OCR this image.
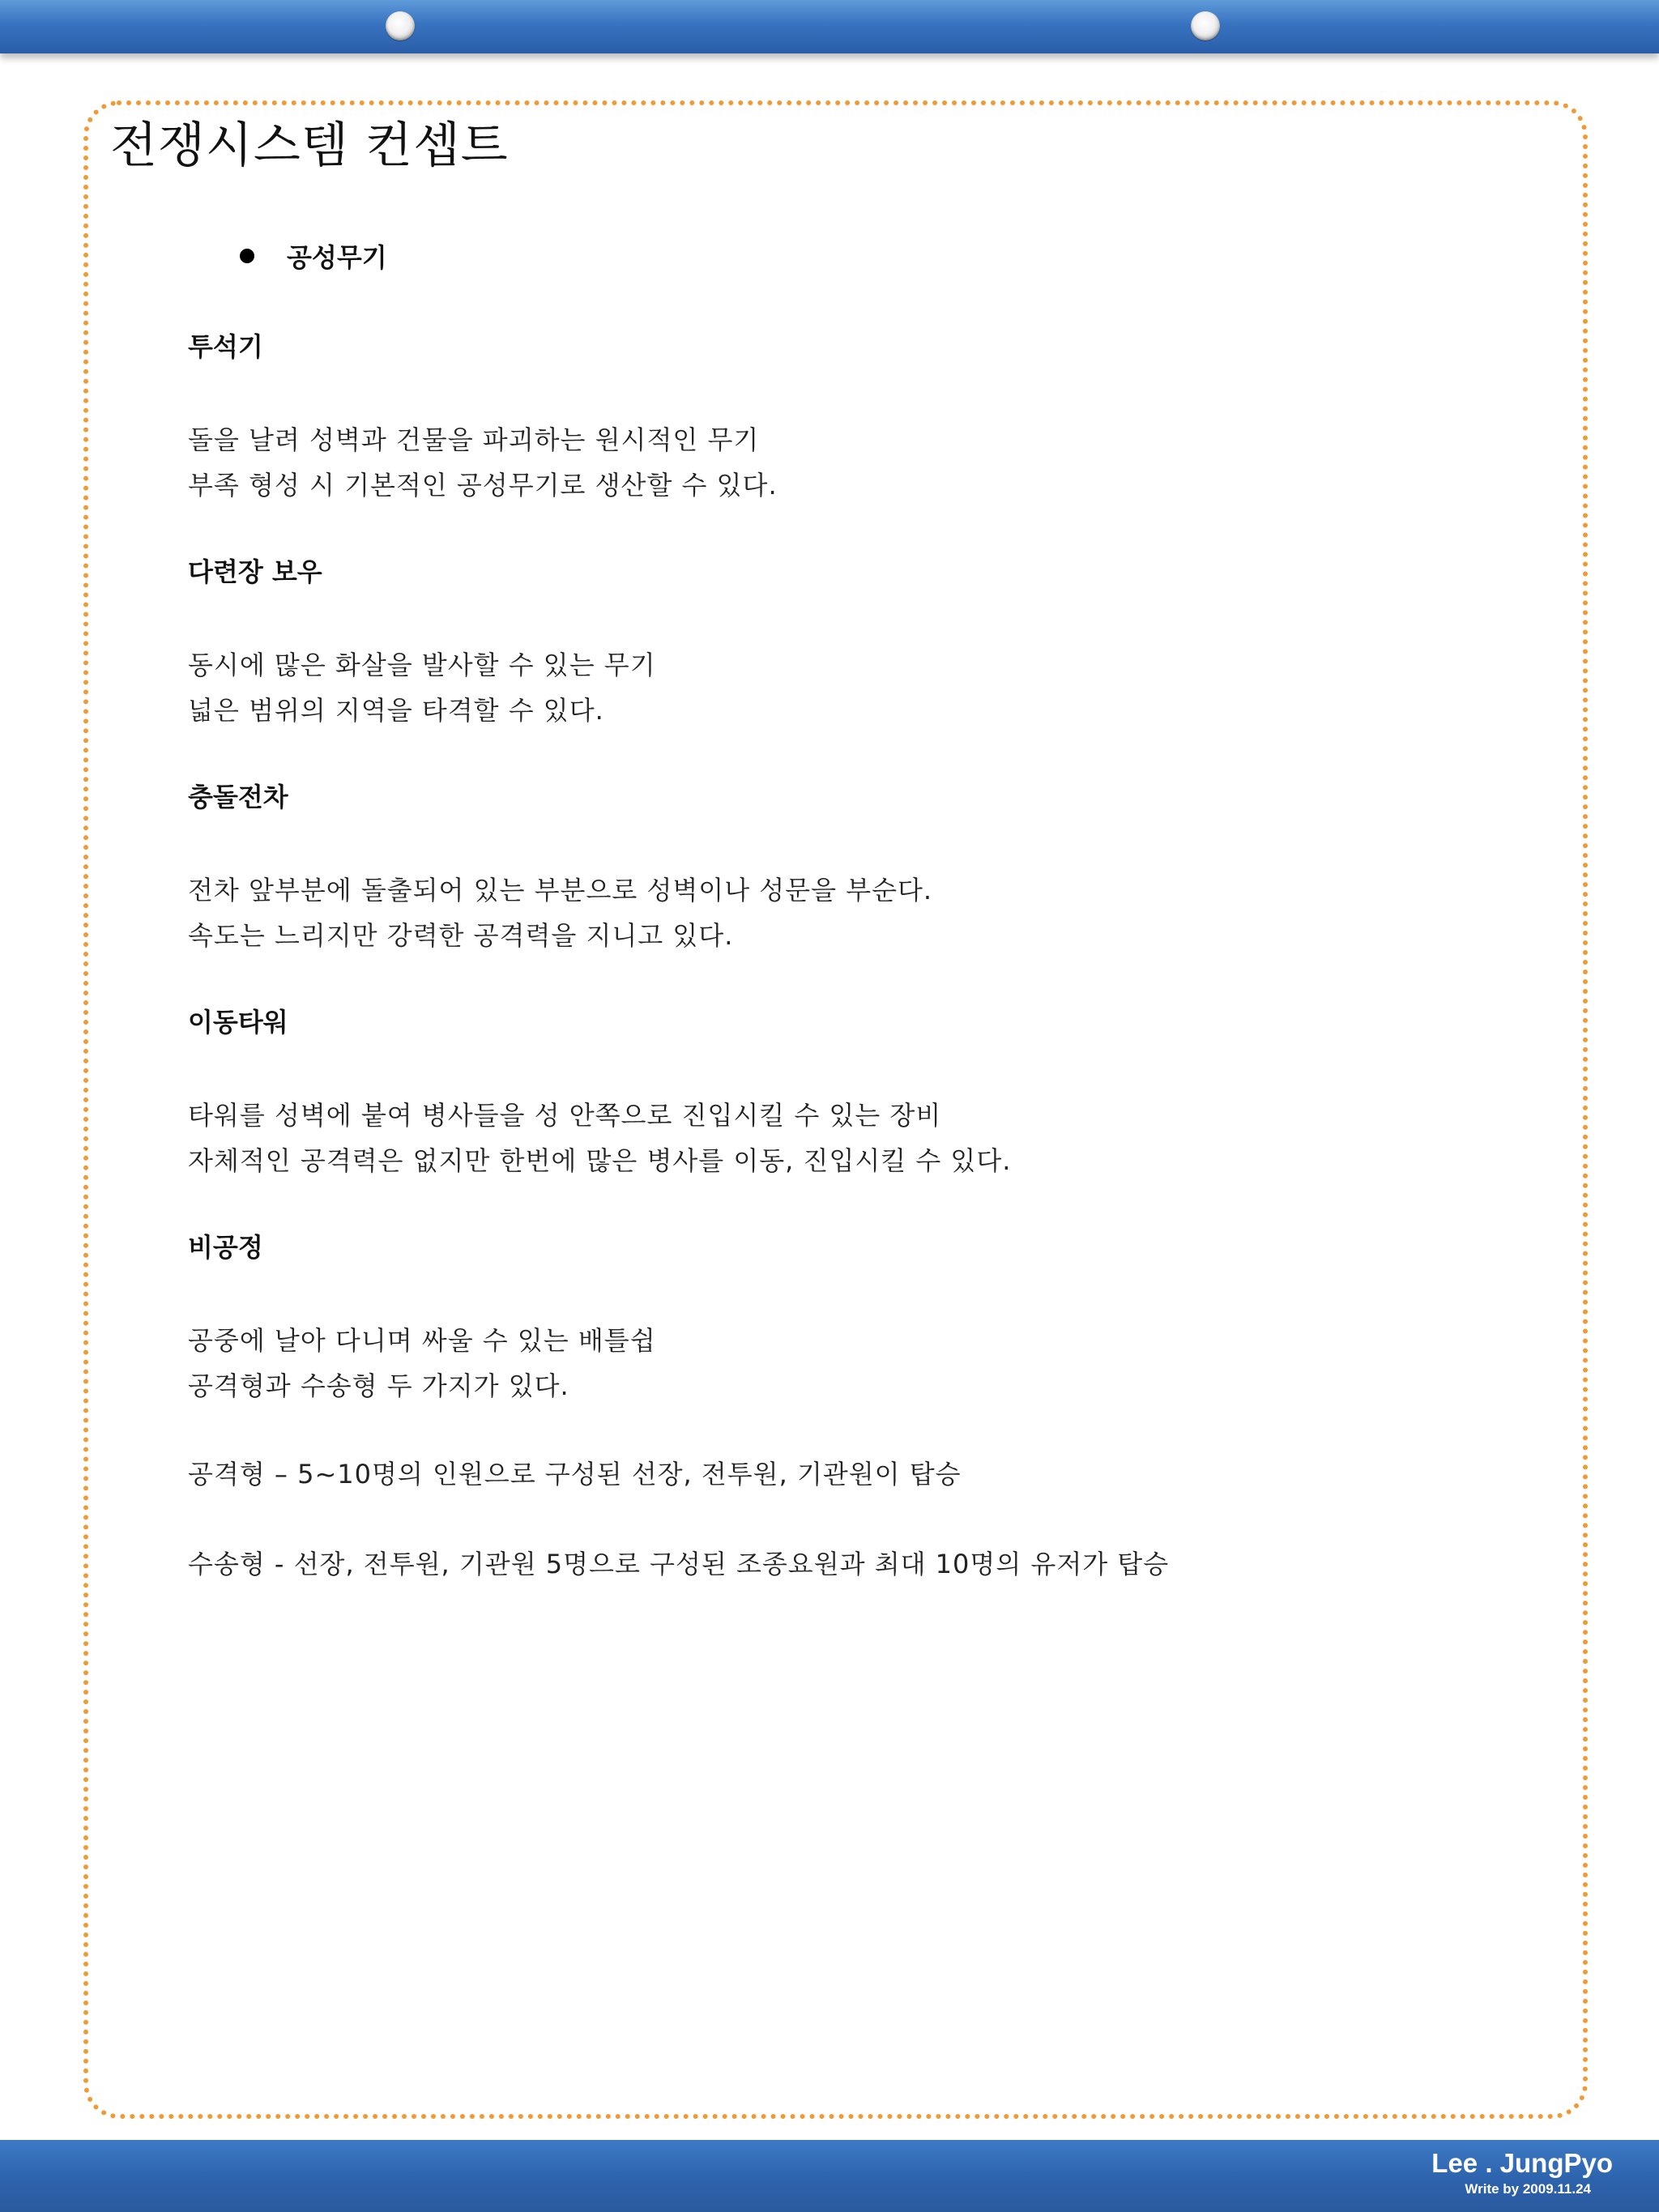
전쟁시스템 컨셉트
공성무기
투석기
돌을 날려 성벽과 건물을 파괴하는 원시적인 무기
부족 형성 시 기본적인 공성무기로 생산할 수 있다.
다련장 보우
동시에 많은 화살을 발사할 수 있는 무기
넓은 범위의 지역을 타격할 수 있다.
충돌전차
전차 앞부분에 돌출되어 있는 부분으로 성벽이나 성문을 부순다.
속도는 느리지만 강력한 공격력을 지니고 있다.
이동타워
타워를 성벽에 붙여 병사들을 성 안쪽으로 진입시킬 수 있는 장비
자체적인 공격력은 없지만 한번에 많은 병사를 이동, 진입시킬 수 있다.
비공정
공중에 날아 다니며 싸울 수 있는 배틀쉽
공격형과 수송형 두 가지가 있다.
공격형 – 5~10명의 인원으로 구성된 선장, 전투원, 기관원이 탑승
수송형 - 선장, 전투원, 기관원 5명으로 구성된 조종요원과 최대 10명의 유저가 탑승
Lee . JungPyo
Write by 2009.11.24
